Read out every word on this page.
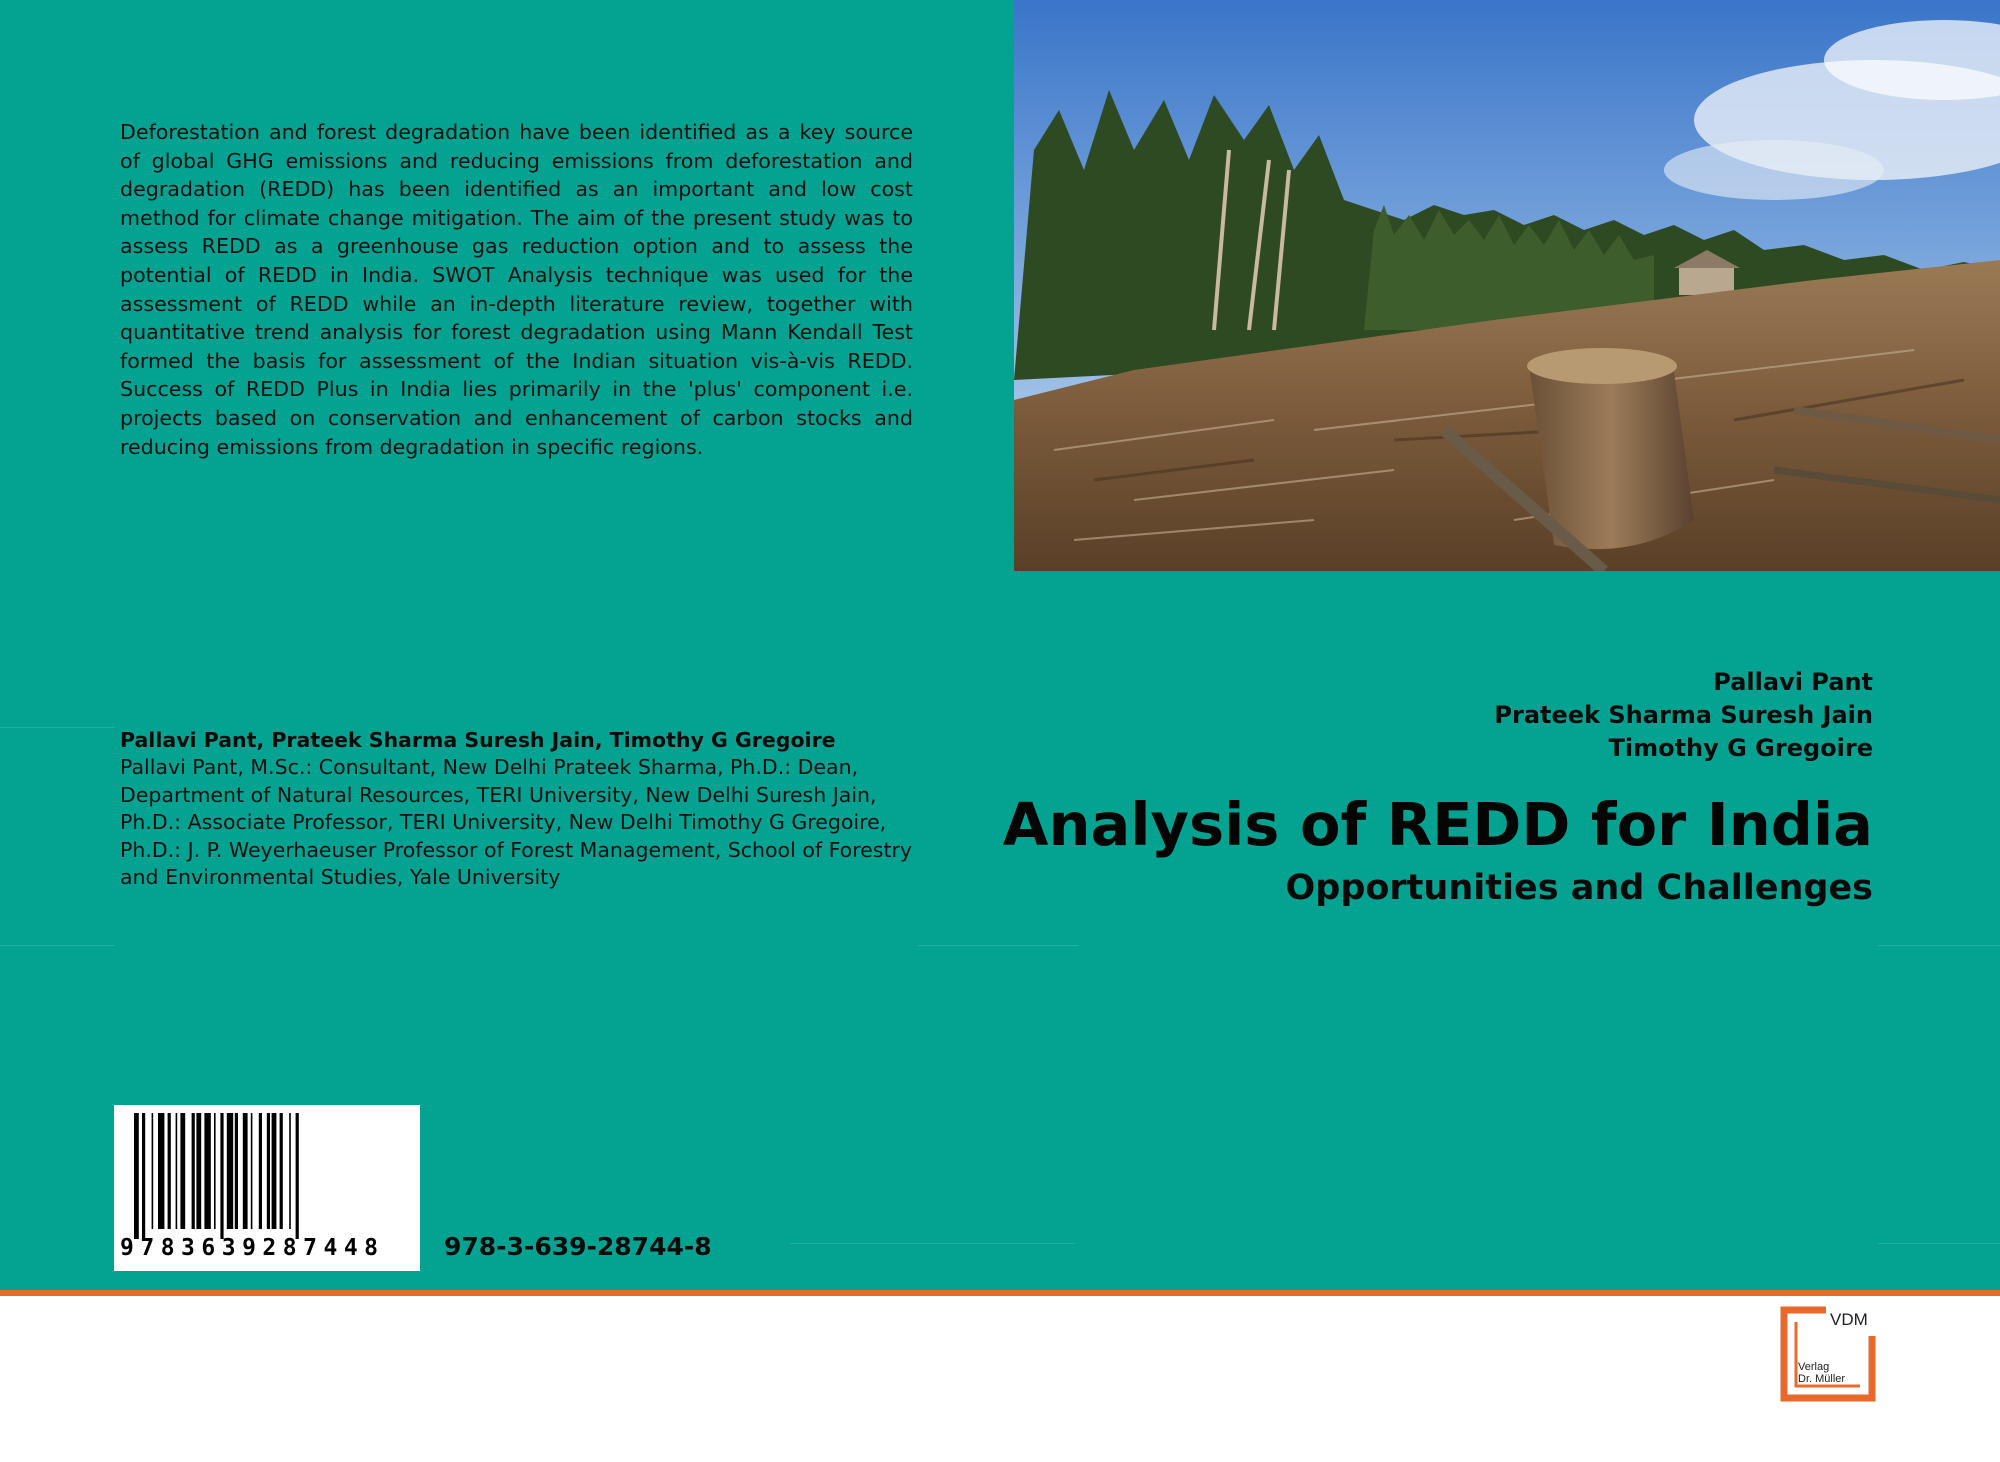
Deforestation and forest degradation have been identified as a key source of global GHG emissions and reducing emissions from deforestation and degradation (REDD) has been identified as an important and low cost method for climate change mitigation. The aim of the present study was to assess REDD as a greenhouse gas reduction option and to assess the potential of REDD in India. SWOT Analysis technique was used for the assessment of REDD while an in-depth literature review, together with quantitative trend analysis for forest degradation using Mann Kendall Test formed the basis for assessment of the Indian situation vis-à-vis REDD. Success of REDD Plus in India lies primarily in the 'plus' component i.e. projects based on conservation and enhancement of carbon stocks and reducing emissions from degradation in specific regions.

Pallavi Pant, Prateek Sharma Suresh Jain, Timothy G Gregoire

Pallavi Pant, M.Sc.: Consultant, New Delhi Prateek Sharma, Ph.D.: Dean, Department of Natural Resources, TERI University, New Delhi Suresh Jain, Ph.D.: Associate Professor, TERI University, New Delhi Timothy G Gregoire, Ph.D.: J. P. Weyerhaeuser Professor of Forest Management, School of Forestry and Environmental Studies, Yale University

Pallavi Pant
Prateek Sharma Suresh Jain
Timothy G Gregoire
Analysis of REDD for India
Opportunities and Challenges
9783639287448	978-3-639-28744-8
VDM
Verlag
Dr. Müller
